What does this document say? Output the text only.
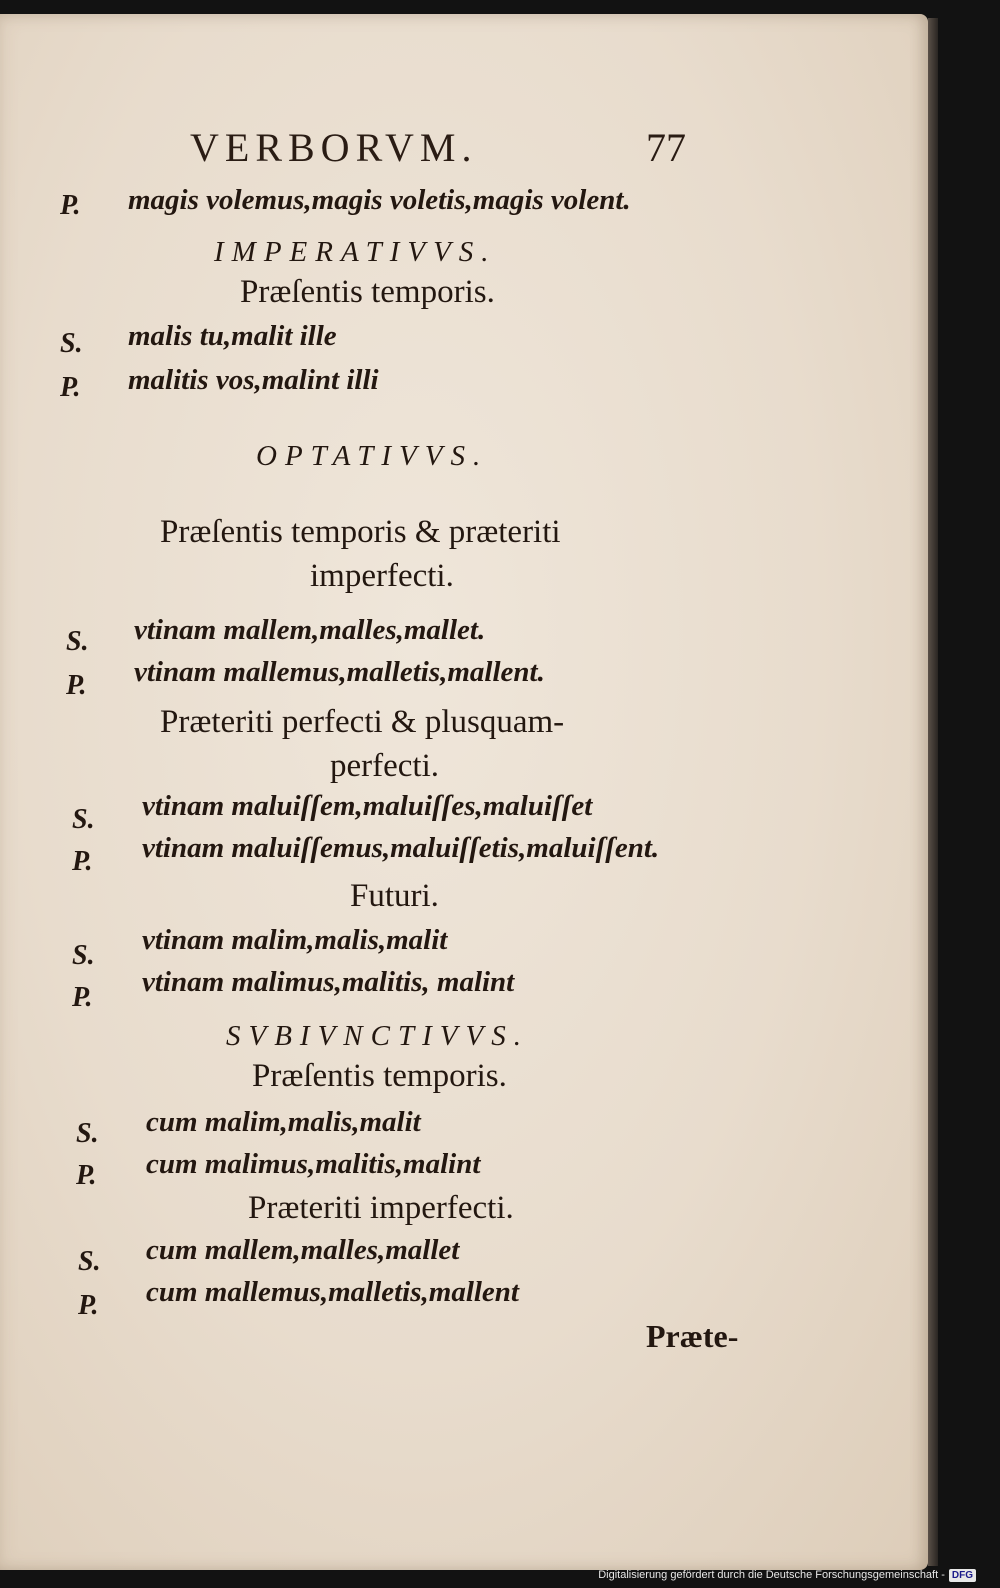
VERBORVM.	77
P. magis volemus,magis voletis,magis volent.
IMPERATIVVS.
Præſentis temporis.
S. malis tu,malit ille
P. malitis vos,malint illi
OPTATIVVS.
Præſentis temporis & præteriti
imperfecti.
S. vtinam mallem,malles,mallet.
P. vtinam mallemus,malletis,mallent.
Præteriti perfecti & plusquam-
perfecti.
S. vtinam maluiſſem,maluiſſes,maluiſſet
P. vtinam maluiſſemus,maluiſſetis,maluiſſent.
Futuri.
S. vtinam malim,malis,malit
P. vtinam malimus,malitis, malint
SVBIVNCTIVVS.
Præſentis temporis.
S. cum malim,malis,malit
P. cum malimus,malitis,malint
Præteriti imperfecti.
S. cum mallem,malles,mallet
P. cum mallemus,malletis,mallent
Præte-
Digitalisierung gefördert durch die Deutsche Forschungsgemeinschaft - DFG
